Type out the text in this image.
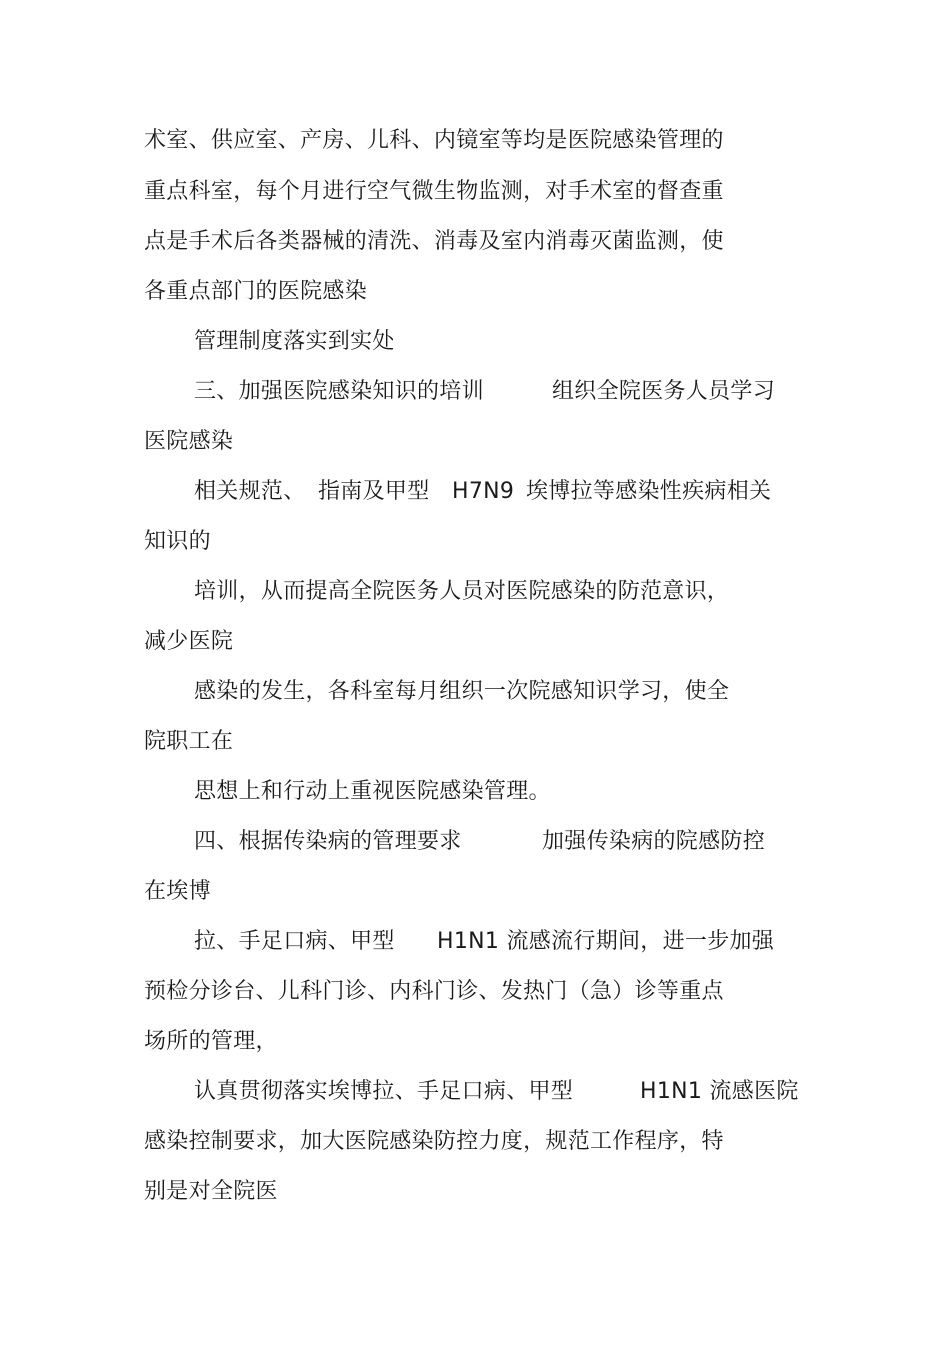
术室、供应室、产房、儿科、内镜室等均是医院感染管理的
重点科室，每个月进行空气微生物监测，对手术室的督查重
点是手术后各类器械的清洗、消毒及室内消毒灭菌监测，使
各重点部门的医院感染
管理制度落实到实处
三、加强医院感染知识的培训	组织全院医务人员学习
医院感染
相关规范、 指南及甲型 H7N9 埃博拉等感染性疾病相关
知识的
培训，从而提高全院医务人员对医院感染的防范意识，
减少医院
感染的发生，各科室每月组织一次院感知识学习，使全
院职工在
思想上和行动上重视医院感染管理。
四、根据传染病的管理要求	加强传染病的院感防控
在埃博
拉、手足口病、甲型 H1N1 流感流行期间，进一步加强
预检分诊台、儿科门诊、内科门诊、发热门（急）诊等重点
场所的管理，
认真贯彻落实埃博拉、手足口病、甲型	H1N1 流感医院
感染控制要求，加大医院感染防控力度，规范工作程序，特
别是对全院医
